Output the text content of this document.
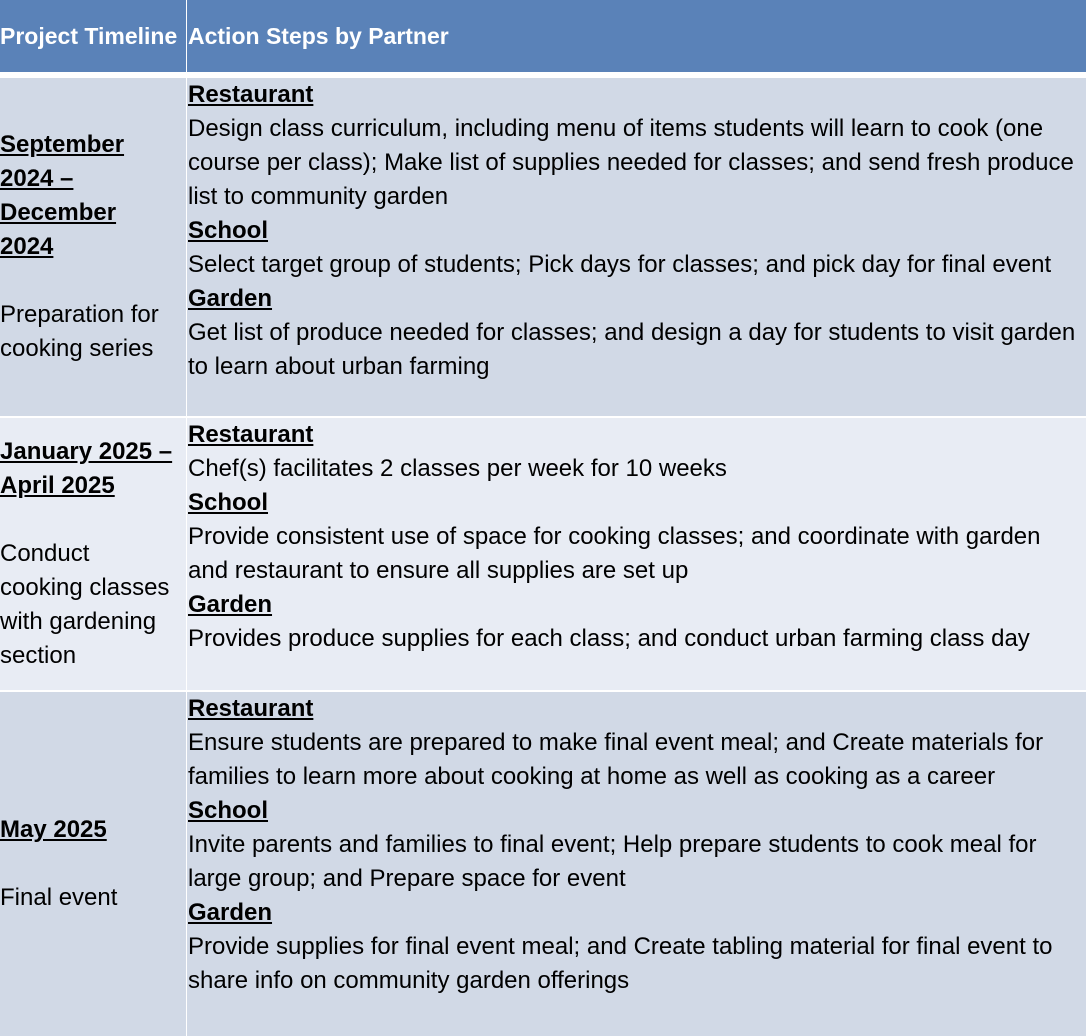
Project Timeline Action Steps by Partner
September 2024 – December 2024
Preparation for cooking series
Restaurant
Design class curriculum, including menu of items students will learn to cook (one course per class); Make list of supplies needed for classes; and send fresh produce list to community garden
School
Select target group of students; Pick days for classes; and pick day for final event
Garden
Get list of produce needed for classes; and design a day for students to visit garden to learn about urban farming
January 2025 – April 2025
Conduct cooking classes with gardening section
Restaurant
Chef(s) facilitates 2 classes per week for 10 weeks
School
Provide consistent use of space for cooking classes; and coordinate with garden and restaurant to ensure all supplies are set up
Garden
Provides produce supplies for each class; and conduct urban farming class day
May 2025
Final event
Restaurant
Ensure students are prepared to make final event meal; and Create materials for families to learn more about cooking at home as well as cooking as a career
School
Invite parents and families to final event; Help prepare students to cook meal for large group; and Prepare space for event
Garden
Provide supplies for final event meal; and Create tabling material for final event to share info on community garden offerings
